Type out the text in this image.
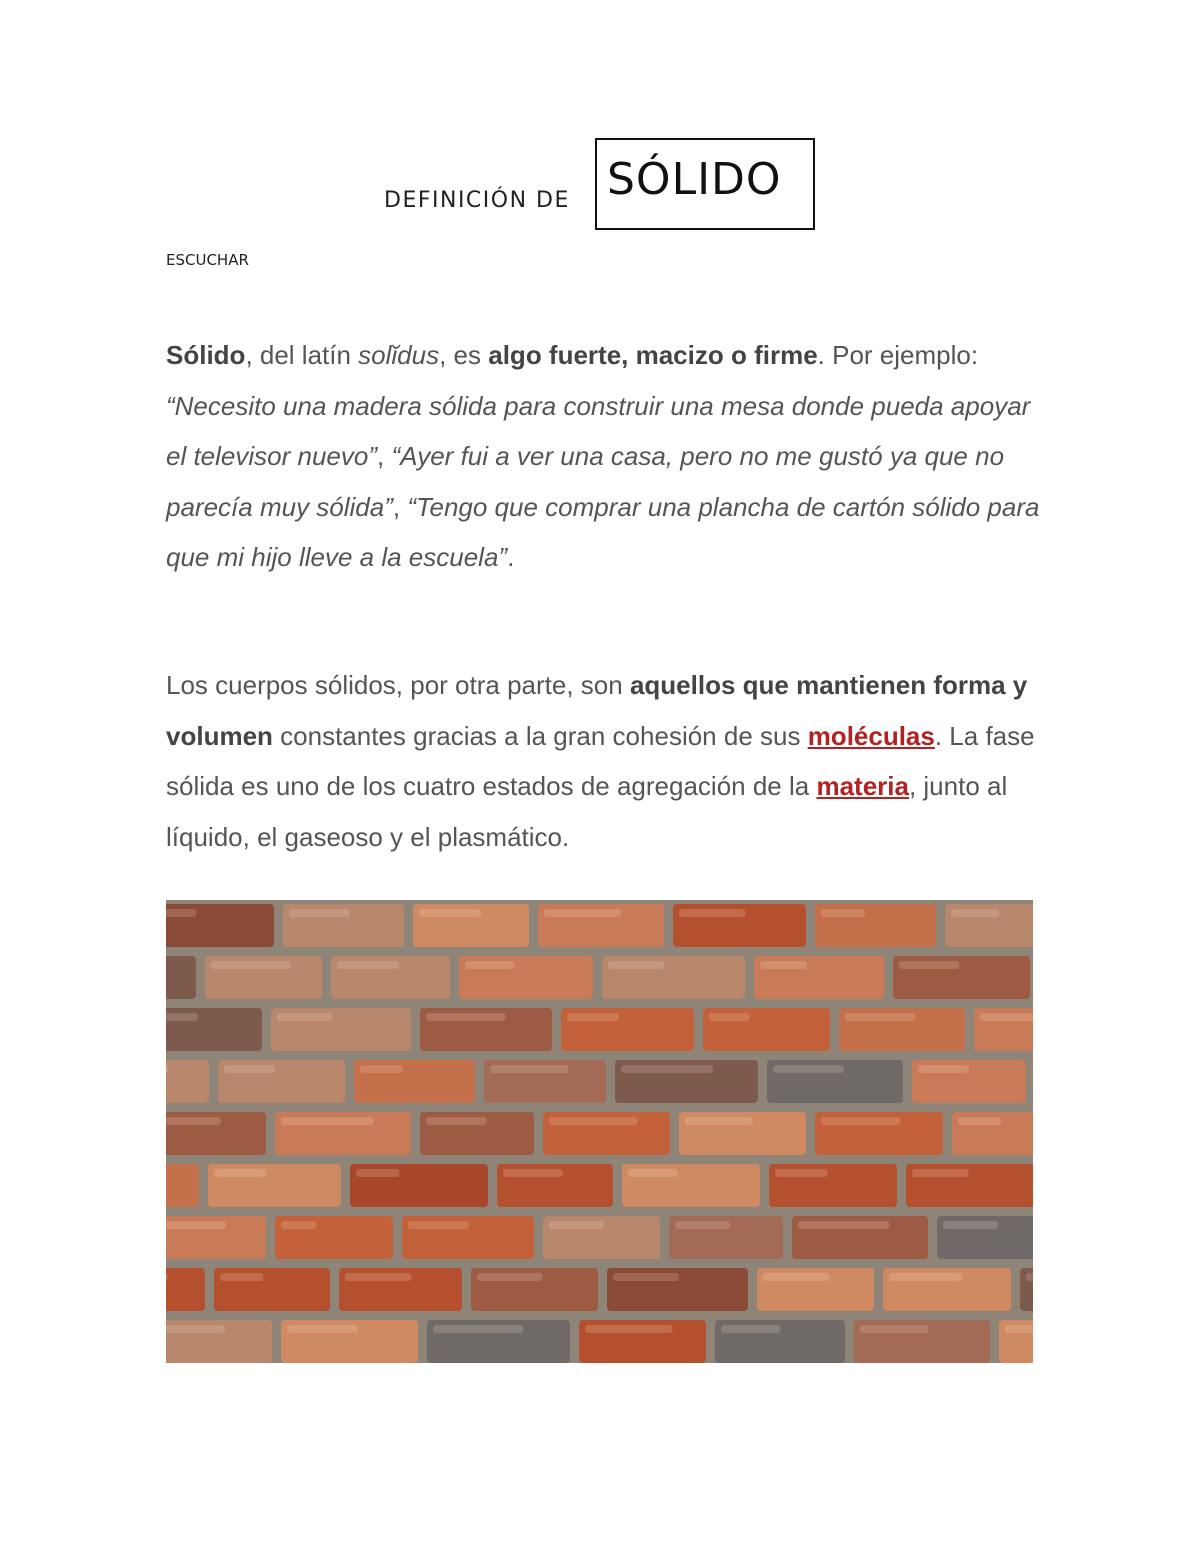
DEFINICIÓN DE SÓLIDO
ESCUCHAR

Sólido, del latín solĭdus, es algo fuerte, macizo o firme. Por ejemplo: “Necesito una madera sólida para construir una mesa donde pueda apoyar el televisor nuevo”, “Ayer fui a ver una casa, pero no me gustó ya que no parecía muy sólida”, “Tengo que comprar una plancha de cartón sólido para que mi hijo lleve a la escuela”.

Los cuerpos sólidos, por otra parte, son aquellos que mantienen forma y volumen constantes gracias a la gran cohesión de sus moléculas. La fase sólida es uno de los cuatro estados de agregación de la materia, junto al líquido, el gaseoso y el plasmático.
